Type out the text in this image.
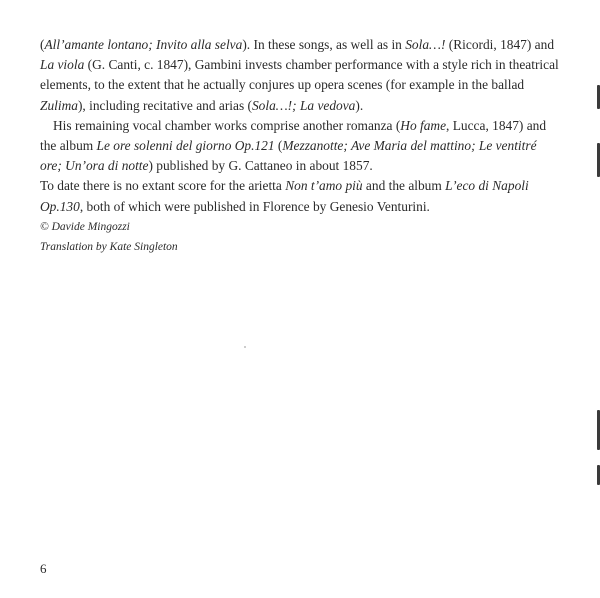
(All’amante lontano; Invito alla selva). In these songs, as well as in Sola…! (Ricordi, 1847) and La viola (G. Canti, c. 1847), Gambini invests chamber performance with a style rich in theatrical elements, to the extent that he actually conjures up opera scenes (for example in the ballad Zulima), including recitative and arias (Sola…!; La vedova).

His remaining vocal chamber works comprise another romanza (Ho fame, Lucca, 1847) and the album Le ore solenni del giorno Op.121 (Mezzanotte; Ave Maria del mattino; Le ventitré ore; Un’ora di notte) published by G. Cattaneo in about 1857.

To date there is no extant score for the arietta Non t’amo più and the album L’eco di Napoli Op.130, both of which were published in Florence by Genesio Venturini.

© Davide Mingozzi

Translation by Kate Singleton

6
